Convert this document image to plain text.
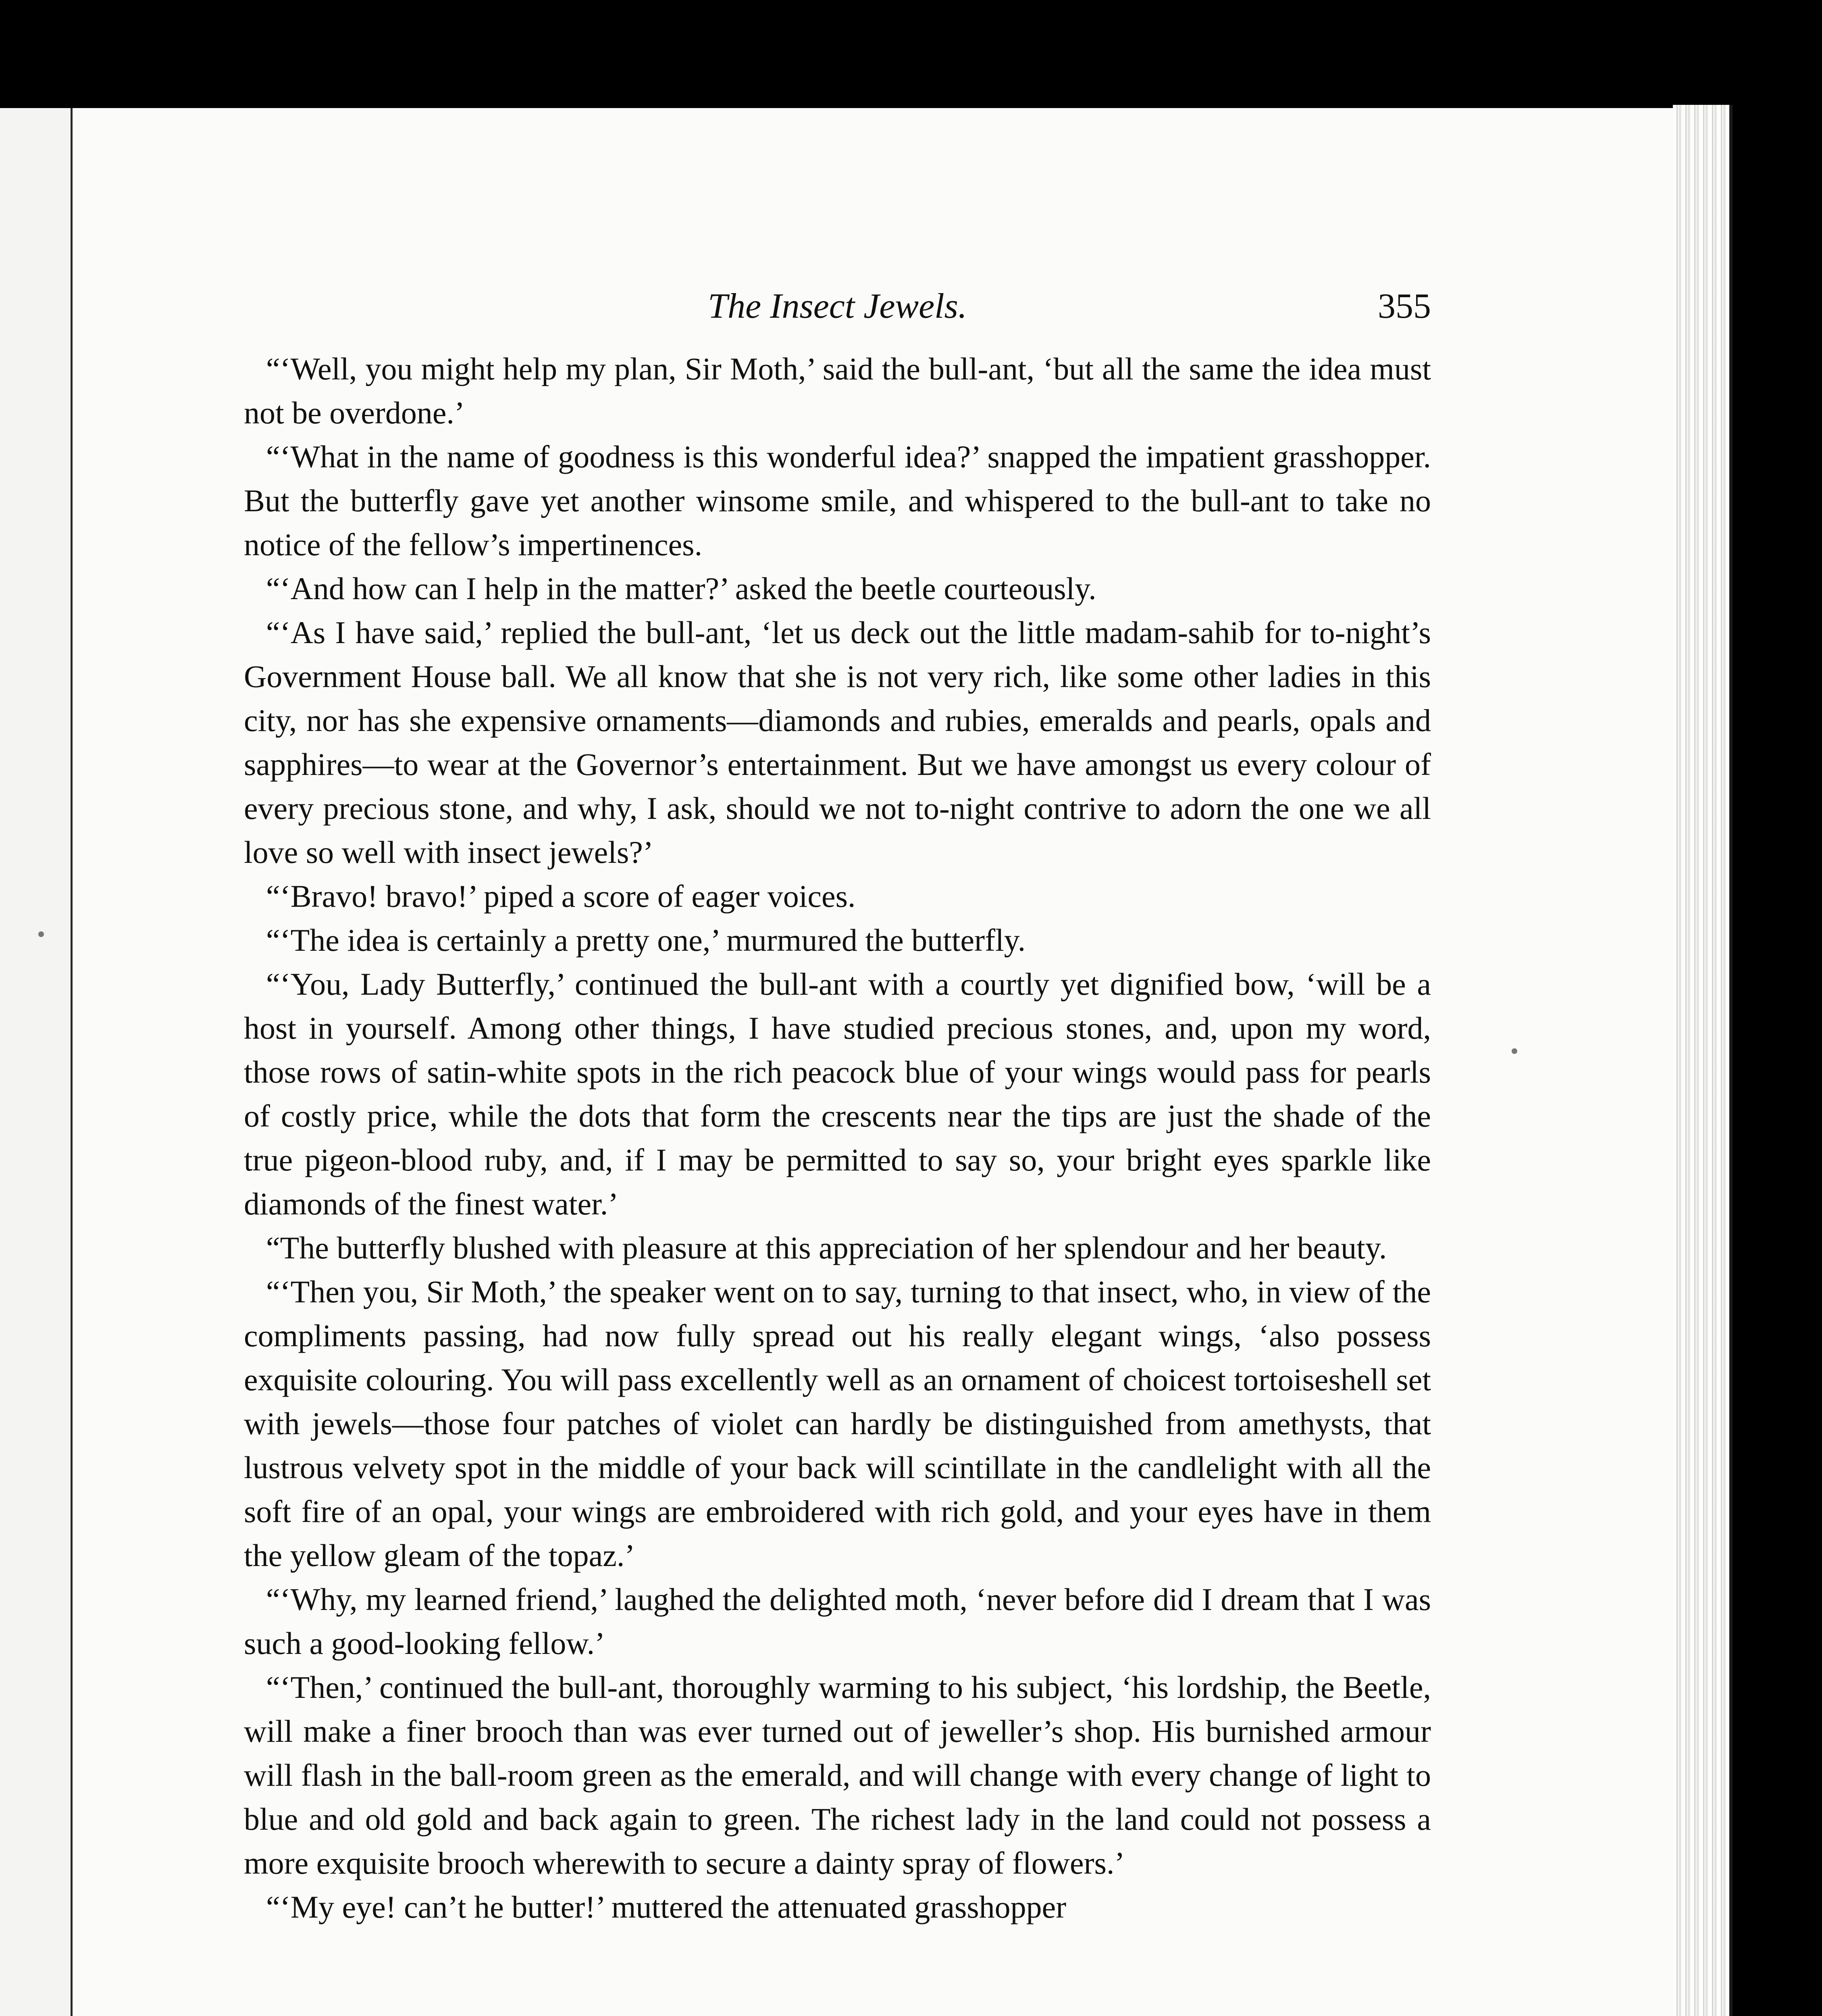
The Insect Jewels.	355

“‘Well, you might help my plan, Sir Moth,’ said the bull-ant, ‘but all the same the idea must not be overdone.’

“‘What in the name of goodness is this wonderful idea?’ snapped the impatient grasshopper. But the butterfly gave yet another winsome smile, and whispered to the bull-ant to take no notice of the fellow’s impertinences.

“‘And how can I help in the matter?’ asked the beetle courteously.

“‘As I have said,’ replied the bull-ant, ‘let us deck out the little madam-sahib for to-night’s Government House ball. We all know that she is not very rich, like some other ladies in this city, nor has she expensive ornaments—diamonds and rubies, emeralds and pearls, opals and sapphires—to wear at the Governor’s entertainment. But we have amongst us every colour of every precious stone, and why, I ask, should we not to-night contrive to adorn the one we all love so well with insect jewels?’

“‘Bravo! bravo!’ piped a score of eager voices.

“‘The idea is certainly a pretty one,’ murmured the butterfly.

“‘You, Lady Butterfly,’ continued the bull-ant with a courtly yet dignified bow, ‘will be a host in yourself. Among other things, I have studied precious stones, and, upon my word, those rows of satin-white spots in the rich peacock blue of your wings would pass for pearls of costly price, while the dots that form the crescents near the tips are just the shade of the true pigeon-blood ruby, and, if I may be permitted to say so, your bright eyes sparkle like diamonds of the finest water.’

“The butterfly blushed with pleasure at this appreciation of her splendour and her beauty.

“‘Then you, Sir Moth,’ the speaker went on to say, turning to that insect, who, in view of the compliments passing, had now fully spread out his really elegant wings, ‘also possess exquisite colouring. You will pass excellently well as an ornament of choicest tortoiseshell set with jewels—those four patches of violet can hardly be distinguished from amethysts, that lustrous velvety spot in the middle of your back will scintillate in the candlelight with all the soft fire of an opal, your wings are embroidered with rich gold, and your eyes have in them the yellow gleam of the topaz.’

“‘Why, my learned friend,’ laughed the delighted moth, ‘never before did I dream that I was such a good-looking fellow.’

“‘Then,’ continued the bull-ant, thoroughly warming to his subject, ‘his lordship, the Beetle, will make a finer brooch than was ever turned out of jeweller’s shop. His burnished armour will flash in the ball-room green as the emerald, and will change with every change of light to blue and old gold and back again to green. The richest lady in the land could not possess a more exquisite brooch wherewith to secure a dainty spray of flowers.’

“‘My eye! can’t he butter!’ muttered the attenuated grasshopper
